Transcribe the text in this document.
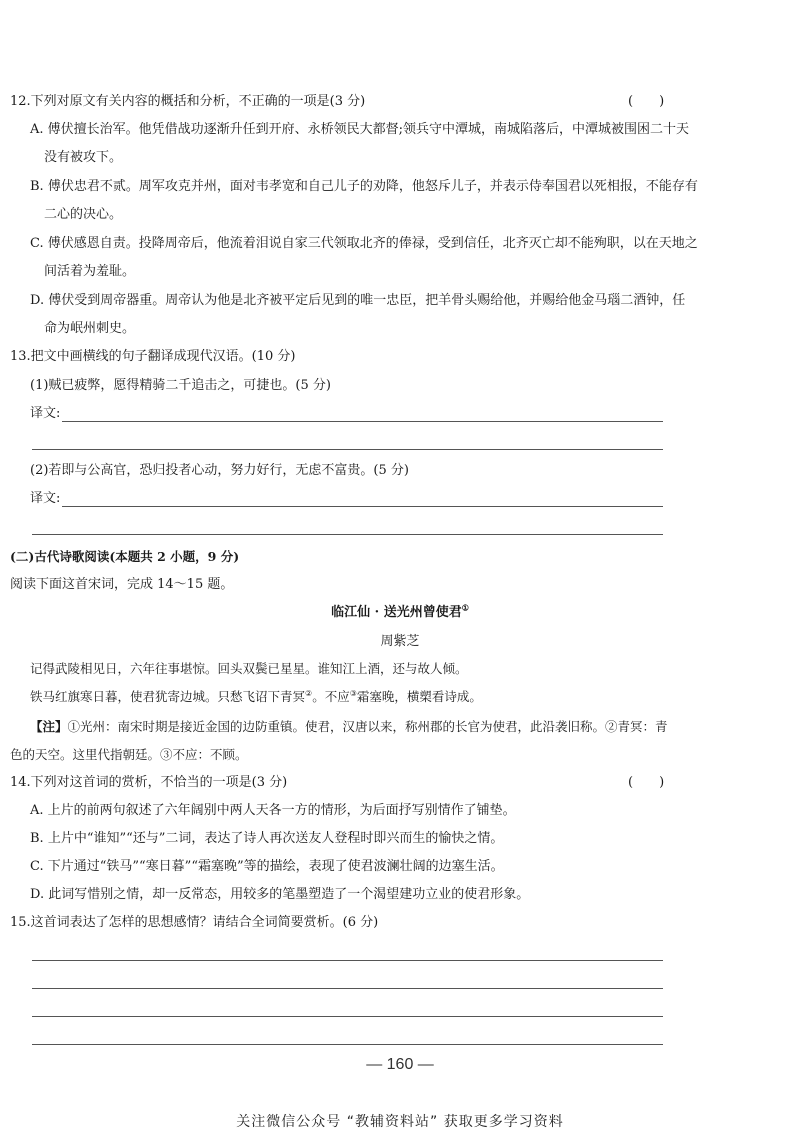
12.下列对原文有关内容的概括和分析，不正确的一项是(3 分)	(　　)
A. 傅伏擅长治军。他凭借战功逐渐升任到开府、永桥领民大都督;领兵守中潭城，南城陷落后，中潭城被围困二十天
没有被攻下。
B. 傅伏忠君不贰。周军攻克并州，面对韦孝宽和自己儿子的劝降，他怒斥儿子，并表示侍奉国君以死相报，不能存有
二心的决心。
C. 傅伏感恩自责。投降周帝后，他流着泪说自家三代领取北齐的俸禄，受到信任，北齐灭亡却不能殉职，以在天地之
间活着为羞耻。
D. 傅伏受到周帝器重。周帝认为他是北齐被平定后见到的唯一忠臣，把羊骨头赐给他，并赐给他金马瑙二酒钟，任
命为岷州刺史。
13.把文中画横线的句子翻译成现代汉语。(10 分)
(1)贼已疲弊，愿得精骑二千追击之，可捷也。(5 分)
译文:
(2)若即与公高官，恐归投者心动，努力好行，无虑不富贵。(5 分)
译文:
(二)古代诗歌阅读(本题共 2 小题，9 分)
阅读下面这首宋词，完成 14～15 题。
临江仙 · 送光州曾使君①
周紫芝
记得武陵相见日，六年往事堪惊。回头双鬓已星星。谁知江上酒，还与故人倾。
铁马红旗寒日暮，使君犹寄边城。只愁飞诏下青冥②。不应③霜塞晚，横槊看诗成。
【注】①光州：南宋时期是接近金国的边防重镇。使君，汉唐以来，称州郡的长官为使君，此沿袭旧称。②青冥：青
色的天空。这里代指朝廷。③不应：不顾。
14.下列对这首词的赏析，不恰当的一项是(3 分)	(　　)
A. 上片的前两句叙述了六年阔别中两人天各一方的情形，为后面抒写别情作了铺垫。
B. 上片中“谁知”“还与”二词，表达了诗人再次送友人登程时即兴而生的愉快之情。
C. 下片通过“铁马”“寒日暮”“霜塞晚”等的描绘，表现了使君波澜壮阔的边塞生活。
D. 此词写惜别之情，却一反常态，用较多的笔墨塑造了一个渴望建功立业的使君形象。
15.这首词表达了怎样的思想感情？请结合全词简要赏析。(6 分)
— 160 —
关注微信公众号 “教辅资料站” 获取更多学习资料
